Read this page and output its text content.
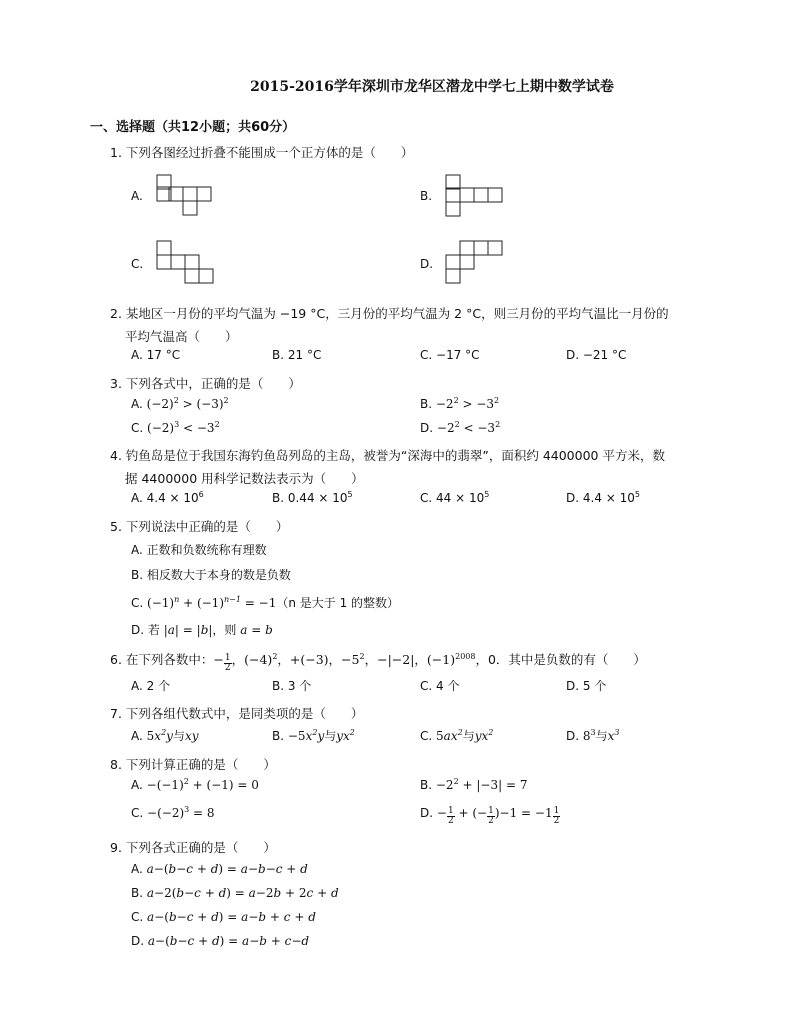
2015-2016学年深圳市龙华区潜龙中学七上期中数学试卷
一、选择题（共12小题；共60分）
1. 下列各图经过折叠不能围成一个正方体的是（　　）
A.	B.
C.	D.
2. 某地区一月份的平均气温为 −19 °C，三月份的平均气温为 2 °C，则三月份的平均气温比一月份的
平均气温高（　　）
A. 17 °C	B. 21 °C	C. −17 °C	D. −21 °C
3. 下列各式中，正确的是（　　）
A. $(-2)^2 > (-3)^2$	B. $-2^2 > -3^2$
C. $(-2)^3 < -3^2$	D. $-2^2 < -3^2$
4. 钓鱼岛是位于我国东海钓鱼岛列岛的主岛，被誉为“深海中的翡翠”，面积约 4400000 平方米，数
据 4400000 用科学记数法表示为（　　）
A. $4.4 \times 10^6$	B. $0.44 \times 10^5$	C. $44 \times 10^5$	D. $4.4 \times 10^5$
5. 下列说法中正确的是（　　）
A. 正数和负数统称有理数
B. 相反数大于本身的数是负数
C. $(-1)^n + (-1)^{n-1} = -1(n$ 是大于 1 的整数）
D. 若 |a| = |b|，则 a = b
6. 在下列各数中：− $\frac{1}{2}$ ，$(-4)^2$，+(−3)，$-5^2$，−|−2|，$(-1)^{2008}$，0．其中是负数的有（　　）
A. 2 个	B. 3 个	C. 4 个	D. 5 个
7. 下列各组代数式中，是同类项的是（　　）
A. $5x^2y$与xy	B. $-5x^2y$与$yx^2$	C. $5ax^2$与$yx^2$	D. $8^3$与$x^3$
8. 下列计算正确的是（　　）
A. $-(-1)^2 + (-1) = 0$	B. $-2^2 + |-3| = 7$
C. $-(-2)^3 = 8$	D. − $\frac{1}{2}$ + (− $\frac{1}{2} )-1 = -1 \frac{1}{2}$
9. 下列各式正确的是（　　）
A. a−(b−c + d) = a−b−c + d
B. a−2(b−c + d) = a−2b + 2c + d
C. a−(b−c + d) = a−b + c + d
D. a−(b−c + d) = a−b + c−d
